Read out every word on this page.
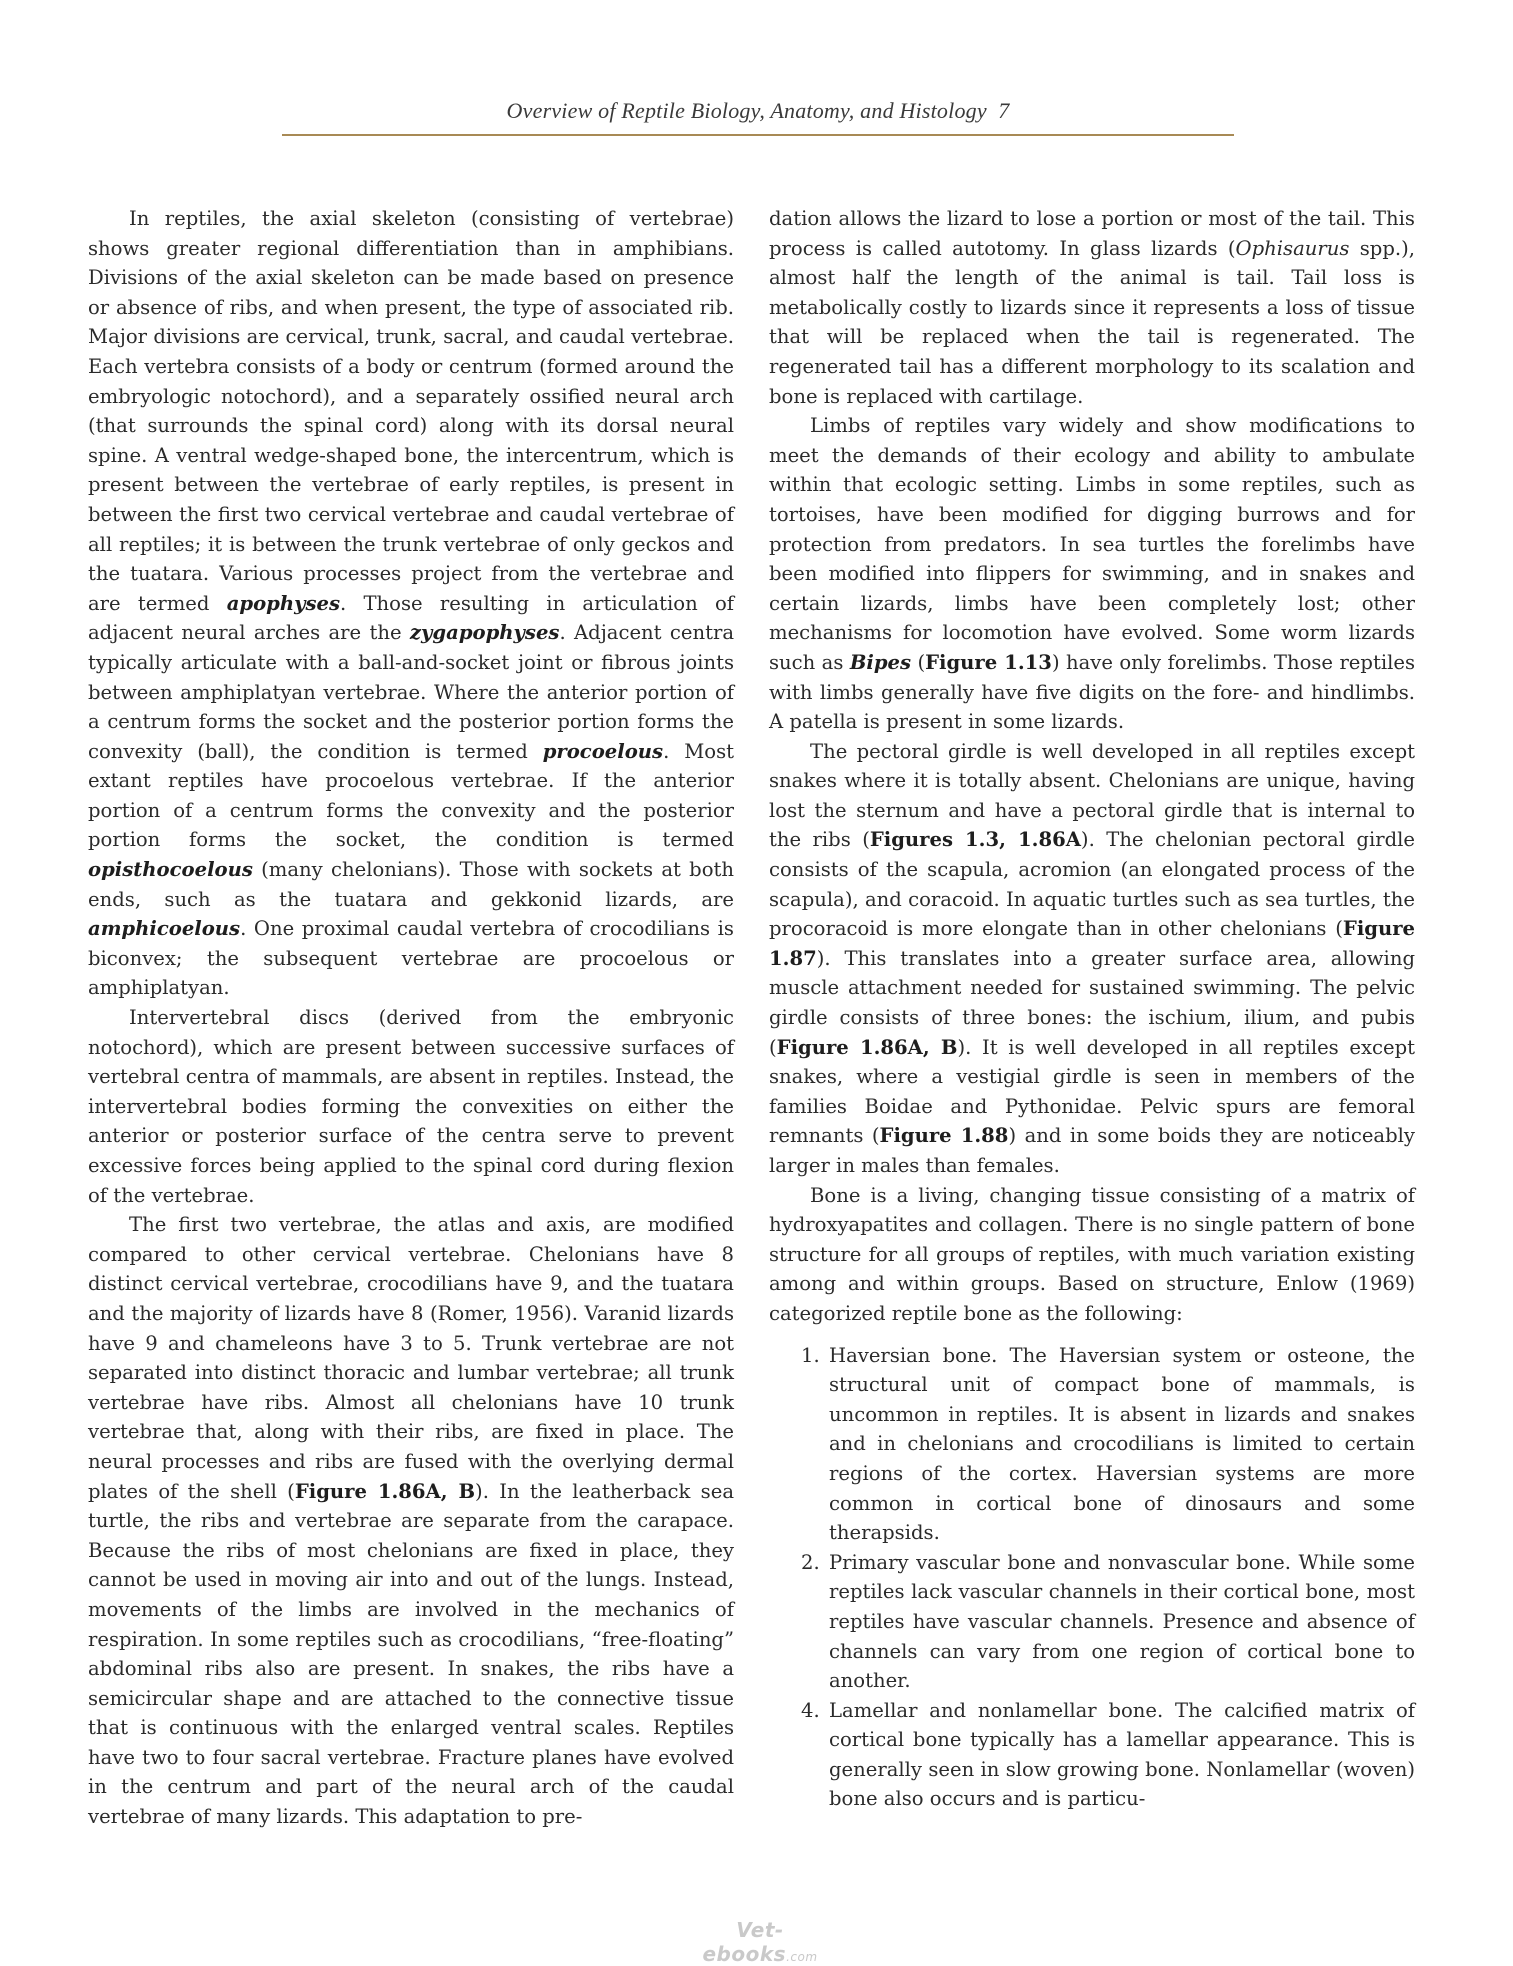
Overview of Reptile Biology, Anatomy, and Histology 7

In reptiles, the axial skeleton (consisting of vertebrae) shows greater regional differentiation than in amphibians. Divisions of the axial skeleton can be made based on presence or absence of ribs, and when present, the type of associated rib. Major divisions are cervical, trunk, sacral, and caudal vertebrae. Each vertebra consists of a body or centrum (formed around the embryologic notochord), and a separately ossified neural arch (that surrounds the spinal cord) along with its dorsal neural spine. A ventral wedge-shaped bone, the intercentrum, which is present between the vertebrae of early reptiles, is present in between the first two cervical vertebrae and caudal vertebrae of all reptiles; it is between the trunk vertebrae of only geckos and the tuatara. Various processes project from the vertebrae and are termed apophyses. Those resulting in articulation of adjacent neural arches are the zygapophyses. Adjacent centra typically articulate with a ball-and-socket joint or fibrous joints between amphiplatyan vertebrae. Where the anterior portion of a centrum forms the socket and the posterior portion forms the convexity (ball), the condition is termed procoelous. Most extant reptiles have procoelous vertebrae. If the anterior portion of a centrum forms the convexity and the posterior portion forms the socket, the condition is termed opisthocoelous (many chelonians). Those with sockets at both ends, such as the tuatara and gekkonid lizards, are amphicoelous. One proximal caudal vertebra of crocodilians is biconvex; the subsequent vertebrae are procoelous or amphiplatyan.

Intervertebral discs (derived from the embryonic notochord), which are present between successive surfaces of vertebral centra of mammals, are absent in reptiles. Instead, the intervertebral bodies forming the convexities on either the anterior or posterior surface of the centra serve to prevent excessive forces being applied to the spinal cord during flexion of the vertebrae.

The first two vertebrae, the atlas and axis, are modified compared to other cervical vertebrae. Chelonians have 8 distinct cervical vertebrae, crocodilians have 9, and the tuatara and the majority of lizards have 8 (Romer, 1956). Varanid lizards have 9 and chameleons have 3 to 5. Trunk vertebrae are not separated into distinct thoracic and lumbar vertebrae; all trunk vertebrae have ribs. Almost all chelonians have 10 trunk vertebrae that, along with their ribs, are fixed in place. The neural processes and ribs are fused with the overlying dermal plates of the shell (Figure 1.86A, B). In the leatherback sea turtle, the ribs and vertebrae are separate from the carapace. Because the ribs of most chelonians are fixed in place, they cannot be used in moving air into and out of the lungs. Instead, movements of the limbs are involved in the mechanics of respiration. In some reptiles such as crocodilians, “free-floating” abdominal ribs also are present. In snakes, the ribs have a semicircular shape and are attached to the connective tissue that is continuous with the enlarged ventral scales. Reptiles have two to four sacral vertebrae. Fracture planes have evolved in the centrum and part of the neural arch of the caudal vertebrae of many lizards. This adaptation to pre-

dation allows the lizard to lose a portion or most of the tail. This process is called autotomy. In glass lizards (Ophisaurus spp.), almost half the length of the animal is tail. Tail loss is metabolically costly to lizards since it represents a loss of tissue that will be replaced when the tail is regenerated. The regenerated tail has a different morphology to its scalation and bone is replaced with cartilage.

Limbs of reptiles vary widely and show modifications to meet the demands of their ecology and ability to ambulate within that ecologic setting. Limbs in some reptiles, such as tortoises, have been modified for digging burrows and for protection from predators. In sea turtles the forelimbs have been modified into flippers for swimming, and in snakes and certain lizards, limbs have been completely lost; other mechanisms for locomotion have evolved. Some worm lizards such as Bipes (Figure 1.13) have only forelimbs. Those reptiles with limbs generally have five digits on the fore- and hindlimbs. A patella is present in some lizards.

The pectoral girdle is well developed in all reptiles except snakes where it is totally absent. Chelonians are unique, having lost the sternum and have a pectoral girdle that is internal to the ribs (Figures 1.3, 1.86A). The chelonian pectoral girdle consists of the scapula, acromion (an elongated process of the scapula), and coracoid. In aquatic turtles such as sea turtles, the procoracoid is more elongate than in other chelonians (Figure 1.87). This translates into a greater surface area, allowing muscle attachment needed for sustained swimming. The pelvic girdle consists of three bones: the ischium, ilium, and pubis (Figure 1.86A, B). It is well developed in all reptiles except snakes, where a vestigial girdle is seen in members of the families Boidae and Pythonidae. Pelvic spurs are femoral remnants (Figure 1.88) and in some boids they are noticeably larger in males than females.

Bone is a living, changing tissue consisting of a matrix of hydroxyapatites and collagen. There is no single pattern of bone structure for all groups of reptiles, with much variation existing among and within groups. Based on structure, Enlow (1969) categorized reptile bone as the following:

1. Haversian bone. The Haversian system or osteone, the structural unit of compact bone of mammals, is uncommon in reptiles. It is absent in lizards and snakes and in chelonians and crocodilians is limited to certain regions of the cortex. Haversian systems are more common in cortical bone of dinosaurs and some therapsids.
2. Primary vascular bone and nonvascular bone. While some reptiles lack vascular channels in their cortical bone, most reptiles have vascular channels. Presence and absence of channels can vary from one region of cortical bone to another.
4. Lamellar and nonlamellar bone. The calcified matrix of cortical bone typically has a lamellar appearance. This is generally seen in slow growing bone. Nonlamellar (woven) bone also occurs and is particu-
Vet-ebooks.com
